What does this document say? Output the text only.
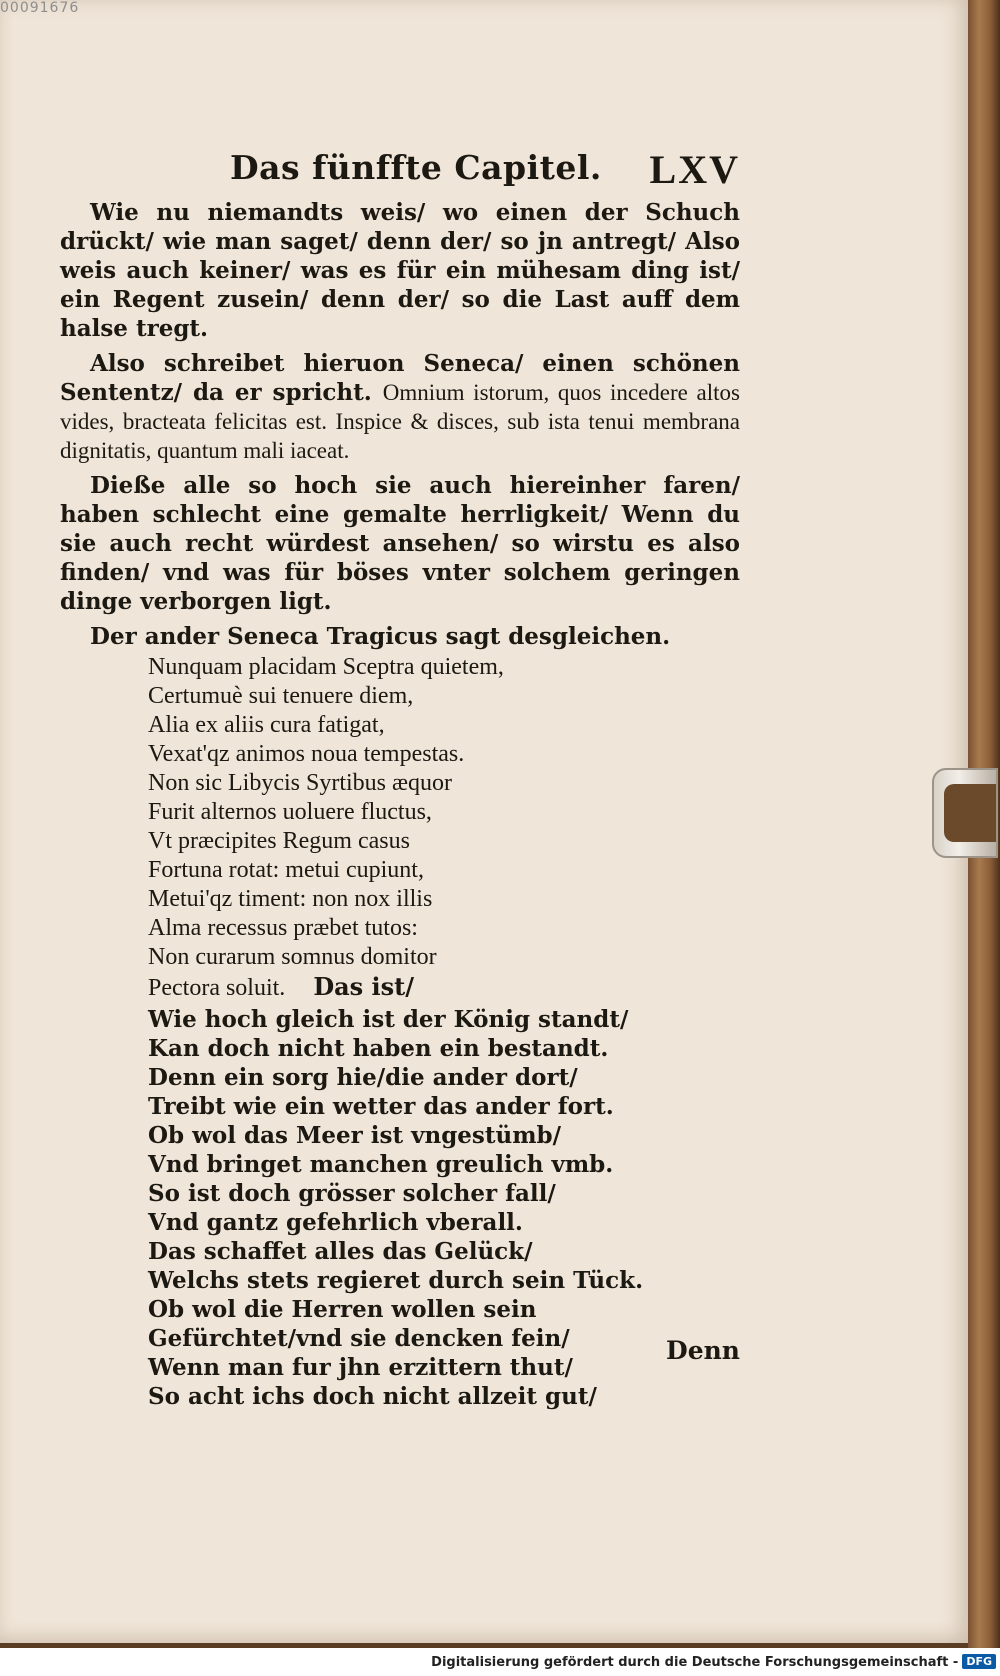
00091676
Das fünffte Capitel. LXV

Wie nu niemandts weis/ wo einen der Schuch drückt/ wie man saget/ denn der/ so jn antregt/ Also weis auch keiner/ was es für ein mühesam ding ist/ ein Regent zusein/ denn der/ so die Last auff dem halse tregt.

Also schreibet hieruon Seneca/ einen schönen Sententz/ da er spricht. Omnium istorum, quos incedere altos vides, bracteata felicitas est. Inspice & disces, sub ista tenui membrana dignitatis, quantum mali iaceat.

Dieße alle so hoch sie auch hiereinher faren/ haben schlecht eine gemalte herrligkeit/ Wenn du sie auch recht würdest ansehen/ so wirstu es also finden/ vnd was für böses vnter solchem geringen dinge verborgen ligt.

Der ander Seneca Tragicus sagt desgleichen.

Nunquam placidam Sceptra quietem,
Certumuè sui tenuere diem,
Alia ex aliis cura fatigat,
Vexat'qz animos noua tempestas.
Non sic Libycis Syrtibus æquor
Furit alternos uoluere fluctus,
Vt præcipites Regum casus
Fortuna rotat: metui cupiunt,
Metui'qz timent: non nox illis
Alma recessus præbet tutos:
Non curarum somnus domitor
Pectora soluit. Das ist/
Wie hoch gleich ist der König standt/
Kan doch nicht haben ein bestandt.
Denn ein sorg hie/die ander dort/
Treibt wie ein wetter das ander fort.
Ob wol das Meer ist vngestümb/
Vnd bringet manchen greulich vmb.
So ist doch grösser solcher fall/
Vnd gantz gefehrlich vberall.
Das schaffet alles das Gelück/
Welchs stets regieret durch sein Tück.
Ob wol die Herren wollen sein
Gefürchtet/vnd sie dencken fein/
Wenn man fur jhn erzittern thut/
So acht ichs doch nicht allzeit gut/
Denn
Digitalisierung gefördert durch die Deutsche Forschungsgemeinschaft - DFG
